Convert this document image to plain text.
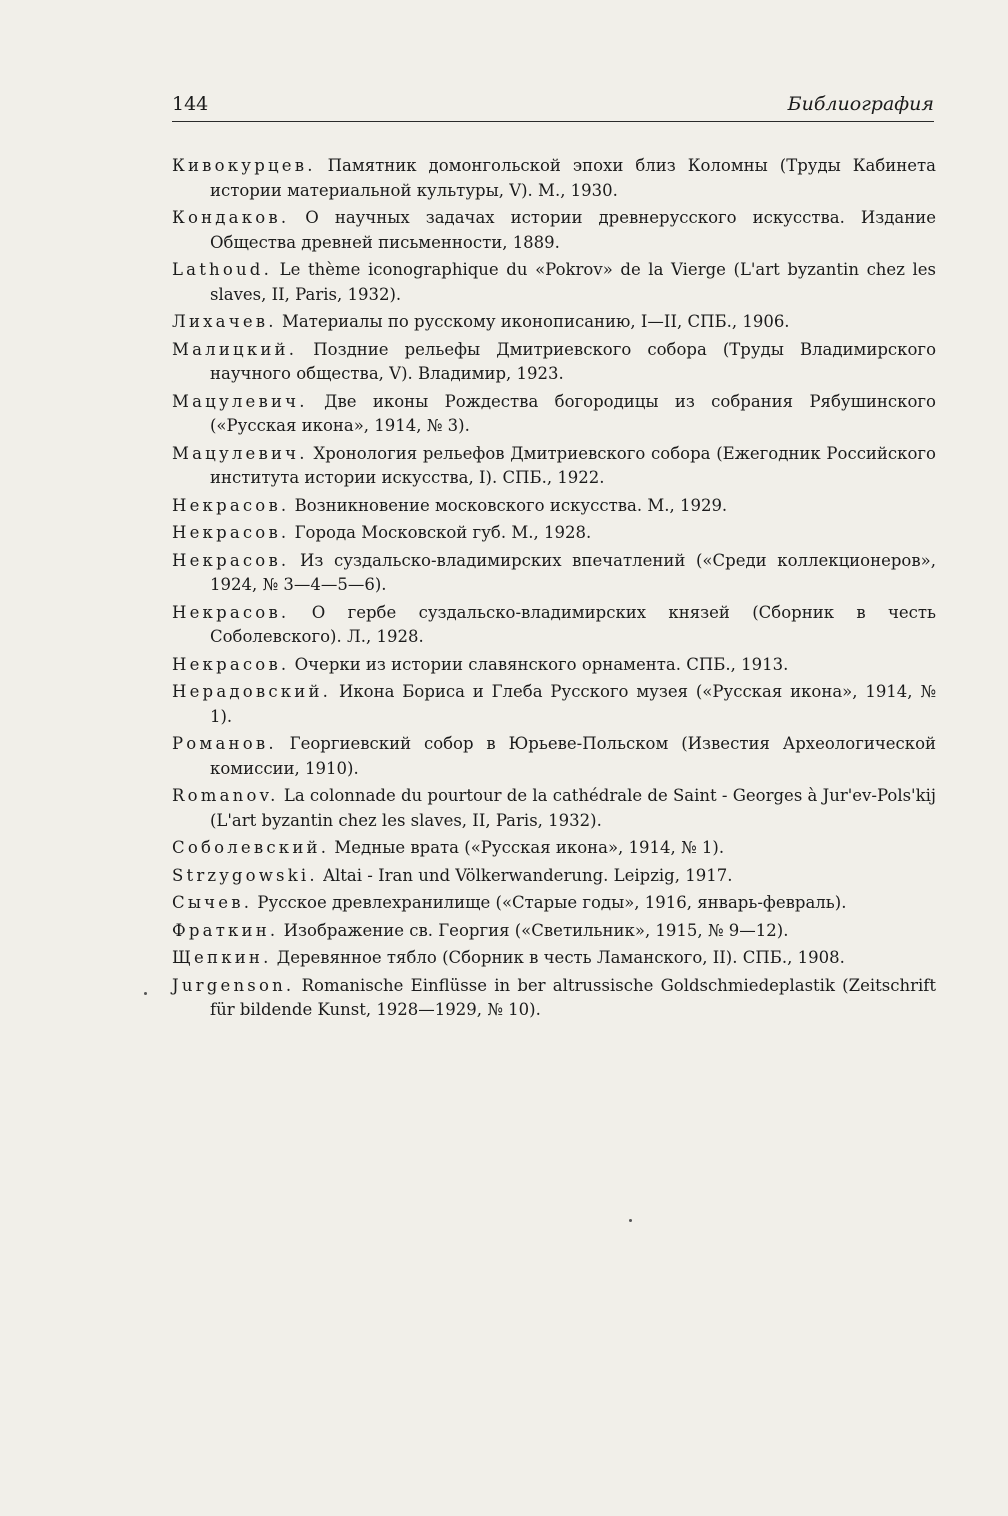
144	Библиография
Кивокурцев. Памятник домонгольской эпохи близ Коломны (Труды Кабинета истории материальной культуры, V). М., 1930.
Кондаков. О научных задачах истории древнерусского искусства. Издание Общества древней письменности, 1889.
Lathoud. Le thème iconographique du «Pokrov» de la Vierge (L'art byzantin chez les slaves, II, Paris, 1932).
Лихачев. Материалы по русскому иконописанию, I—II, СПБ., 1906.
Малицкий. Поздние рельефы Дмитриевского собора (Труды Владимирского научного общества, V). Владимир, 1923.
Мацулевич. Две иконы Рождества богородицы из собрания Рябушинского («Русская икона», 1914, № 3).
Мацулевич. Хронология рельефов Дмитриевского собора (Ежегодник Российского института истории искусства, I). СПБ., 1922.
Некрасов. Возникновение московского искусства. М., 1929.
Некрасов. Города Московской губ. М., 1928.
Некрасов. Из суздальско-владимирских впечатлений («Среди коллекционеров», 1924, № 3—4—5—6).
Некрасов. О гербе суздальско-владимирских князей (Сборник в честь Соболевского). Л., 1928.
Некрасов. Очерки из истории славянского орнамента. СПБ., 1913.
Нерадовский. Икона Бориса и Глеба Русского музея («Русская икона», 1914, № 1).
Романов. Георгиевский собор в Юрьеве-Польском (Известия Археологической комиссии, 1910).
Romanov. La colonnade du pourtour de la cathédrale de Saint - Georges à Jur'ev-Pols'kij (L'art byzantin chez les slaves, II, Paris, 1932).
Соболевский. Медные врата («Русская икона», 1914, № 1).
Strzygowski. Altai - Iran und Völkerwanderung. Leipzig, 1917.
Сычев. Русское древлехранилище («Старые годы», 1916, январь-февраль).
Фраткин. Изображение св. Георгия («Светильник», 1915, № 9—12).
Щепкин. Деревянное тябло (Сборник в честь Ламанского, II). СПБ., 1908.
Jurgenson. Romanische Einflüsse in ber altrussische Goldschmiedeplastik (Zeitschrift für bildende Kunst, 1928—1929, № 10).
